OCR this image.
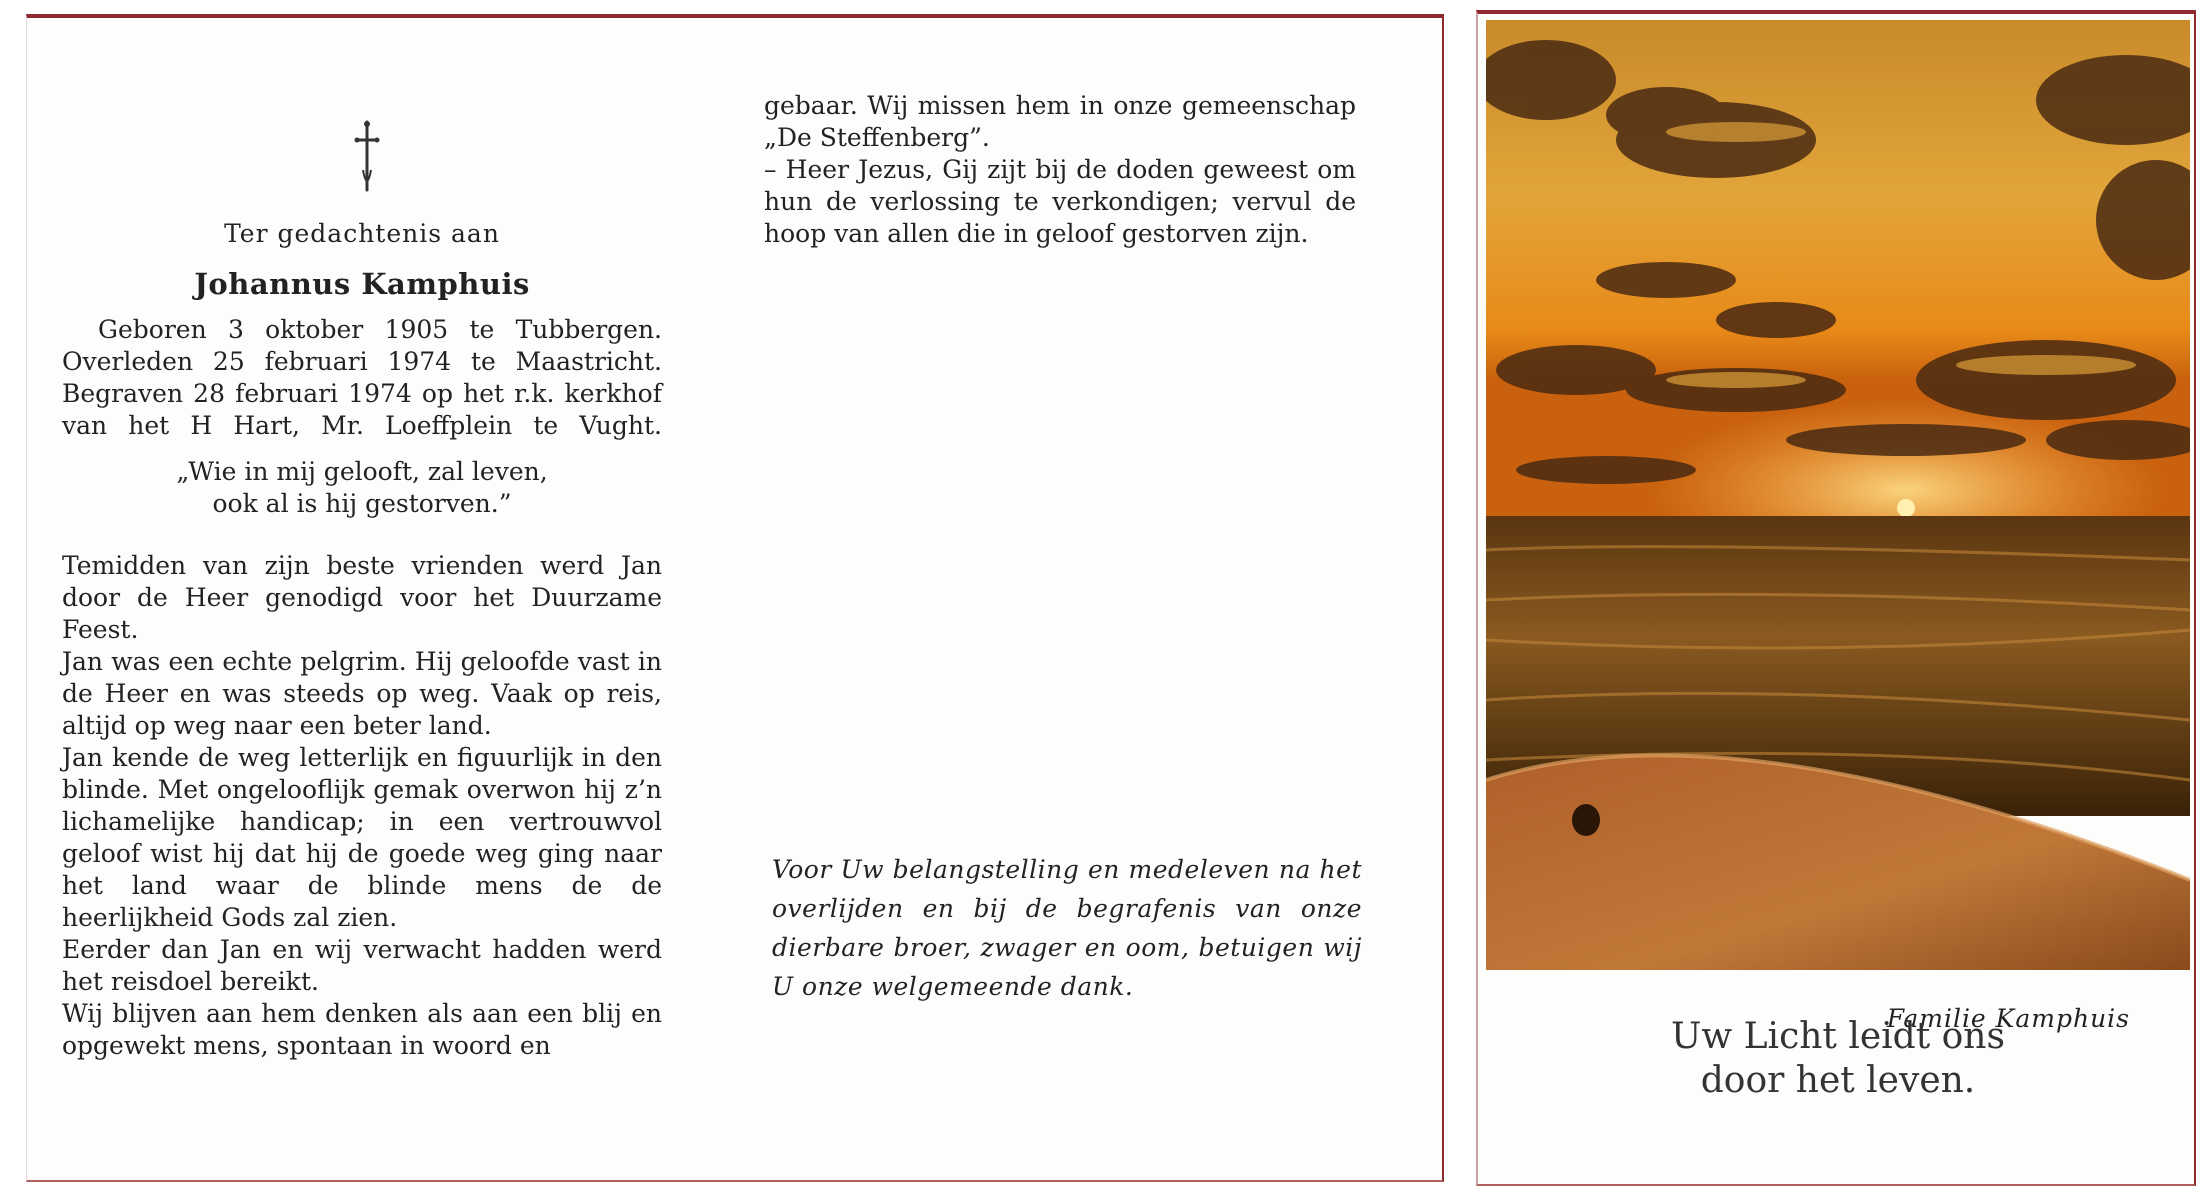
Ter gedachtenis aan
Johannus Kamphuis
Geboren 3 oktober 1905 te Tubbergen.
Overleden 25 februari 1974 te Maastricht.
Begraven 28 februari 1974 op het r.k. kerkhof
van het H Hart, Mr. Loeffplein te Vught.
„Wie in mij gelooft, zal leven,
ook al is hij gestorven.”

Temidden van zijn beste vrienden werd Jan door de Heer genodigd voor het Duurzame Feest.

Jan was een echte pelgrim. Hij geloofde vast in de Heer en was steeds op weg. Vaak op reis, altijd op weg naar een beter land.

Jan kende de weg letterlijk en figuurlijk in den blinde. Met ongelooflijk gemak overwon hij z’n lichamelijke handicap; in een vertrouwvol geloof wist hij dat hij de goede weg ging naar het land waar de blinde mens de de heerlijkheid Gods zal zien.

Eerder dan Jan en wij verwacht hadden werd het reisdoel bereikt.

Wij blijven aan hem denken als aan een blij en opgewekt mens, spontaan in woord en

gebaar. Wij missen hem in onze gemeenschap „De Steffenberg”.

– Heer Jezus, Gij zijt bij de doden geweest om hun de verlossing te verkondigen; vervul de hoop van allen die in geloof gestorven zijn.

Voor Uw belangstelling en medeleven na het overlijden en bij de begrafenis van onze dierbare broer, zwager en oom, betuigen wij U onze welgemeende dank.
Familie Kamphuis
Uw Licht leidt ons
door het leven.
